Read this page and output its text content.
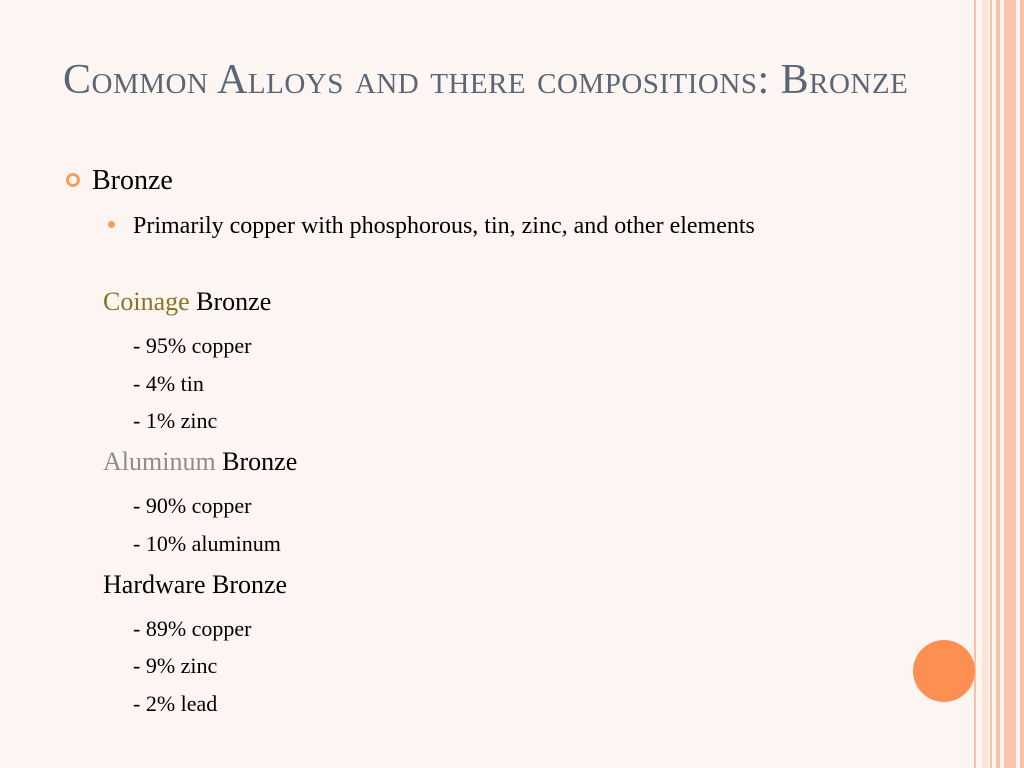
Common Alloys and there compositions: Bronze
Bronze
Primarily copper with phosphorous, tin, zinc, and other elements
Coinage Bronze
- 95% copper
- 4% tin
- 1% zinc
Aluminum Bronze
- 90% copper
- 10% aluminum
Hardware Bronze
- 89% copper
- 9% zinc
- 2% lead
